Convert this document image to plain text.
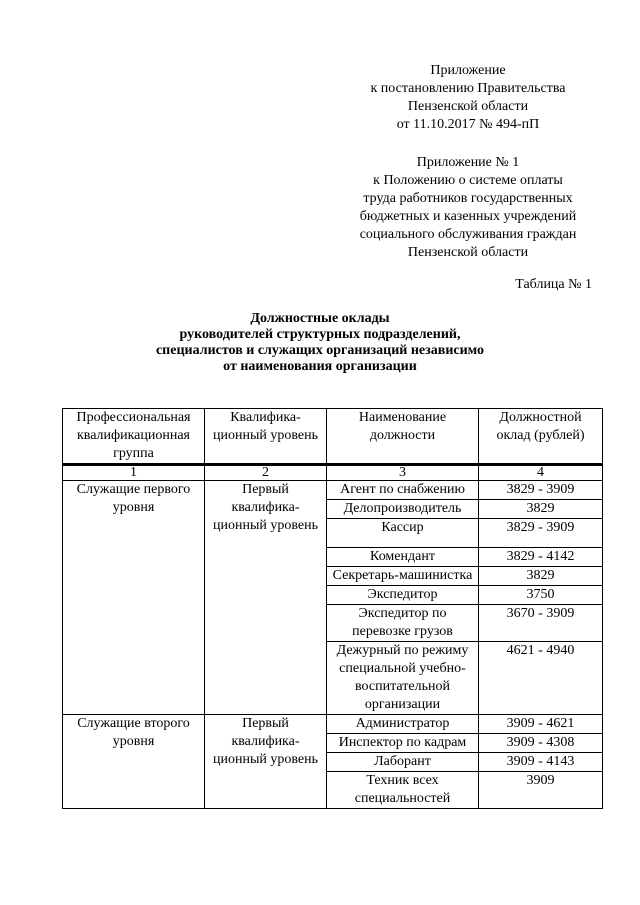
Приложение
к постановлению Правительства
Пензенской области
от 11.10.2017 № 494-пП
Приложение № 1
к Положению о системе оплаты
труда работников государственных
бюджетных и казенных учреждений
социального обслуживания граждан
Пензенской области
Таблица № 1
Должностные оклады
руководителей структурных подразделений,
специалистов и служащих организаций независимо
от наименования организации
Профессиональная квалификационная группа	Квалифика-ционный уровень	Наименование должности	Должностной оклад (рублей)
1	2	3	4
Служащие первого уровня	Первый квалифика-ционный уровень	Агент по снабжению	3829 - 3909
		Делопроизводитель	3829
		Кассир	3829 - 3909
		Комендант	3829 - 4142
		Секретарь-машинистка	3829
		Экспедитор	3750
		Экспедитор по перевозке грузов	3670 - 3909
		Дежурный по режиму специальной учебно-воспитательной организации	4621 - 4940
Служащие второго уровня	Первый квалифика-ционный уровень	Администратор	3909 - 4621
		Инспектор по кадрам	3909 - 4308
		Лаборант	3909 - 4143
		Техник всех специальностей	3909
